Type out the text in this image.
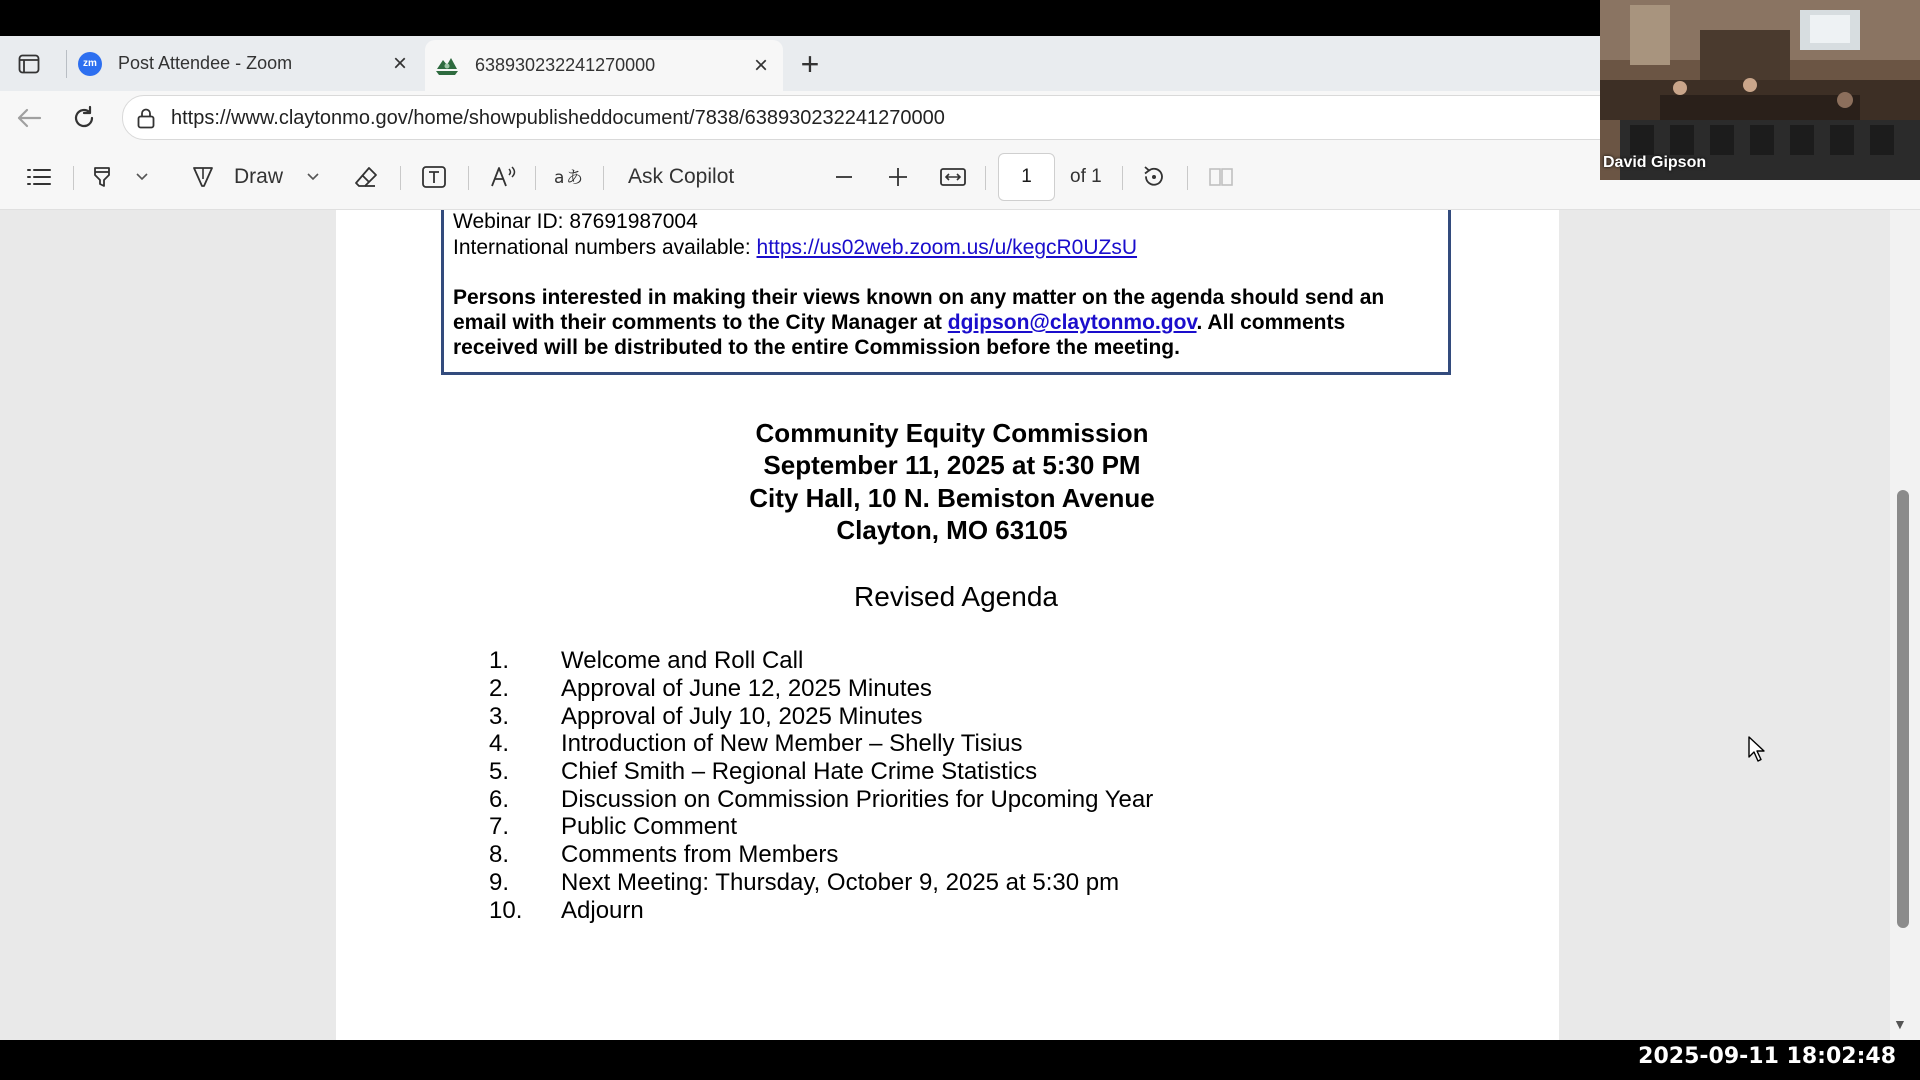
zm Post Attendee - Zoom	×	638930232241270000	× +
https://www.claytonmo.gov/home/showpublisheddocument/7838/638930232241270000
Draw	a あ Ask Copilot	1	of 1
Webinar ID: 87691987004
International numbers available: https://us02web.zoom.us/u/kegcR0UZsU
Persons interested in making their views known on any matter on the agenda should send an
email with their comments to the City Manager at dgipson@claytonmo.gov. All comments
received will be distributed to the entire Commission before the meeting.
Community Equity Commission
September 11, 2025 at 5:30 PM
City Hall, 10 N. Bemiston Avenue
Clayton, MO 63105
Revised Agenda
1. Welcome and Roll Call
2. Approval of June 12, 2025 Minutes
3. Approval of July 10, 2025 Minutes
4. Introduction of New Member – Shelly Tisius
5. Chief Smith – Regional Hate Crime Statistics
6. Discussion on Commission Priorities for Upcoming Year
7. Public Comment
8. Comments from Members
9. Next Meeting: Thursday, October 9, 2025 at 5:30 pm
10. Adjourn
▼
David Gipson
2025-09-11 18:02:48
